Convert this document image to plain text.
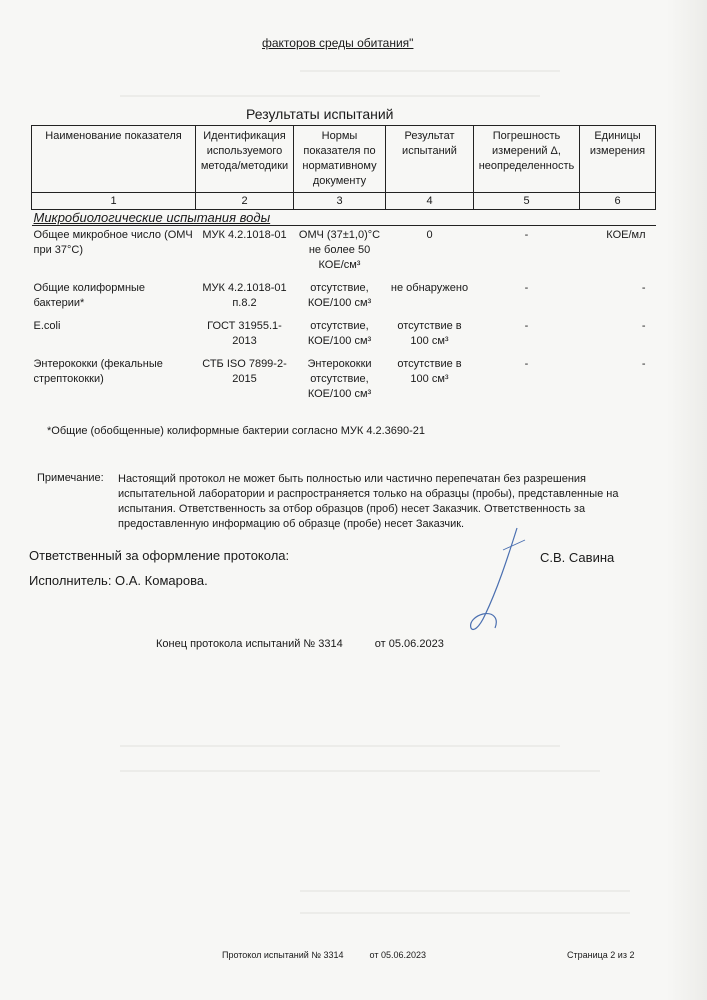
факторов среды обитания"
Результаты испытаний
Наименование показателя	Идентификация используемого метода/методики	Нормы показателя по нормативному документу	Результат испытаний	Погрешность измерений Δ, неопределенность	Единицы измерения
1	2	3	4	5	6
Микробиологические испытания воды					
Общее микробное число (ОМЧ при 37°С)	МУК 4.2.1018-01	ОМЧ (37±1,0)°С не более 50 КОЕ/см³	0	-	КОЕ/мл
Общие колиформные бактерии*	МУК 4.2.1018-01 п.8.2	отсутствие, КОЕ/100 см³	не обнаружено	-	-
E.coli	ГОСТ 31955.1-2013	отсутствие, КОЕ/100 см³	отсутствие в 100 см³	-	-
Энтерококки (фекальные стрептококки)	СТБ ISO 7899-2-2015	Энтерококки отсутствие, КОЕ/100 см³	отсутствие в 100 см³	-	-
*Общие (обобщенные) колиформные бактерии согласно МУК 4.2.3690-21
Примечание: Настоящий протокол не может быть полностью или частично перепечатан без разрешения испытательной лаборатории и распространяется только на образцы (пробы), представленные на испытания. Ответственность за отбор образцов (проб) несет Заказчик. Ответственность за предоставленную информацию об образце (пробе) несет Заказчик.
Ответственный за оформление протокола:	С.В. Савина
Исполнитель: О.А. Комарова.
Конец протокола испытаний № 3314	от 05.06.2023
Протокол испытаний № 3314	от 05.06.2023	Страница 2 из 2
